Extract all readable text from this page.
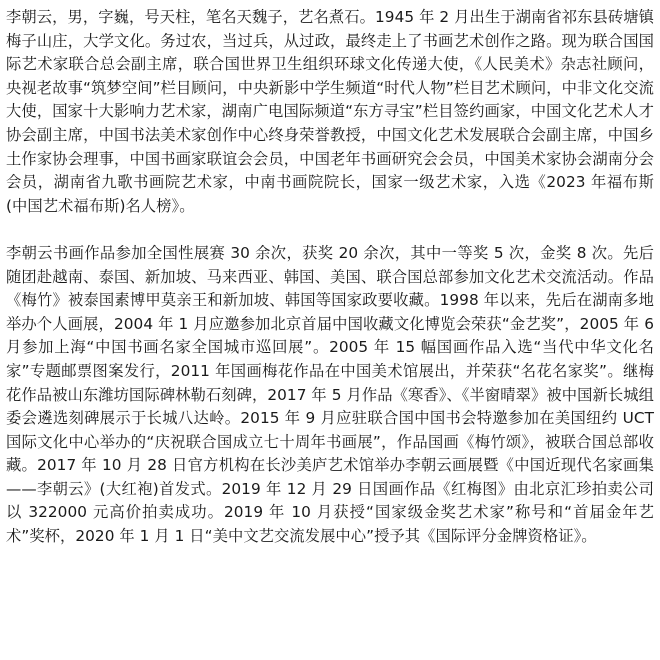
李朝云，男，字巍，号天柱，笔名天魏子，艺名煮石。1945 年 2 月出生于湖南省祁东县砖塘镇梅子山庄，大学文化。务过农，当过兵，从过政，最终走上了书画艺术创作之路。现为联合国国际艺术家联合总会副主席，联合国世界卫生组织环球文化传递大使，《人民美术》杂志社顾问，央视老故事“筑梦空间”栏目顾问，中央新影中学生频道“时代人物”栏目艺术顾问，中非文化交流大使，国家十大影响力艺术家，湖南广电国际频道“东方寻宝”栏目签约画家，中国文化艺术人才协会副主席，中国书法美术家创作中心终身荣誉教授，中国文化艺术发展联合会副主席，中国乡土作家协会理事，中国书画家联谊会会员，中国老年书画研究会会员，中国美术家协会湖南分会会员，湖南省九歌书画院艺术家，中南书画院院长，国家一级艺术家，入选《2023 年福布斯(中国艺术福布斯)名人榜》。

李朝云书画作品参加全国性展赛 30 余次，获奖 20 余次，其中一等奖 5 次，金奖 8 次。先后随团赴越南、泰国、新加坡、马来西亚、韩国、美国、联合国总部参加文化艺术交流活动。作品《梅竹》被泰国素博甲莫亲王和新加坡、韩国等国家政要收藏。1998 年以来，先后在湖南多地举办个人画展，2004 年 1 月应邀参加北京首届中国收藏文化博览会荣获“金艺奖”，2005 年 6 月参加上海“中国书画名家全国城市巡回展”。2005 年 15 幅国画作品入选“当代中华文化名家”专题邮票图案发行，2011 年国画梅花作品在中国美术馆展出，并荣获“名花名家奖”。继梅花作品被山东潍坊国际碑林勒石刻碑，2017 年 5 月作品《寒香》、《半窗晴翠》被中国新长城组委会遴选刻碑展示于长城八达岭。2015 年 9 月应驻联合国中国书会特邀参加在美国纽约 UCT 国际文化中心举办的“庆祝联合国成立七十周年书画展”，作品国画《梅竹颂》，被联合国总部收藏。2017 年 10 月 28 日官方机构在长沙美庐艺术馆举办李朝云画展暨《中国近现代名家画集——李朝云》(大红袍)首发式。2019 年 12 月 29 日国画作品《红梅图》由北京汇珍拍卖公司以 322000 元高价拍卖成功。2019 年 10 月获授“国家级金奖艺术家”称号和“首届金年艺术”奖杯，2020 年 1 月 1 日“美中文艺交流发展中心”授予其《国际评分金牌资格证》。
